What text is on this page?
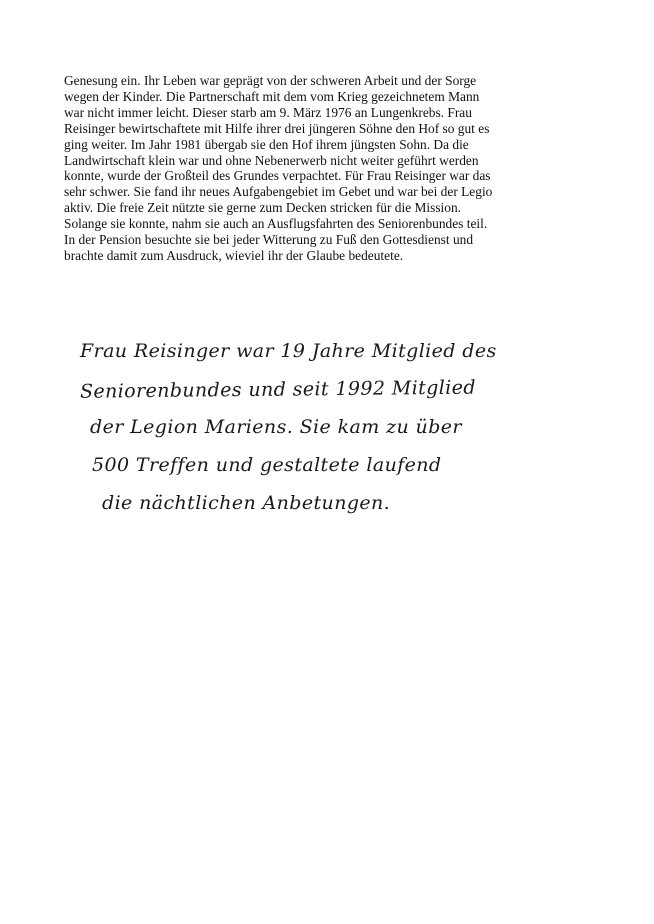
Genesung ein. Ihr Leben war geprägt von der schweren Arbeit und der Sorge
wegen der Kinder. Die Partnerschaft mit dem vom Krieg gezeichnetem Mann
war nicht immer leicht. Dieser starb am 9. März 1976 an Lungenkrebs. Frau
Reisinger bewirtschaftete mit Hilfe ihrer drei jüngeren Söhne den Hof so gut es
ging weiter. Im Jahr 1981 übergab sie den Hof ihrem jüngsten Sohn. Da die
Landwirtschaft klein war und ohne Nebenerwerb nicht weiter geführt werden
konnte, wurde der Großteil des Grundes verpachtet. Für Frau Reisinger war das
sehr schwer. Sie fand ihr neues Aufgabengebiet im Gebet und war bei der Legio
aktiv. Die freie Zeit nützte sie gerne zum Decken stricken für die Mission.
Solange sie konnte, nahm sie auch an Ausflugsfahrten des Seniorenbundes teil.
In der Pension besuchte sie bei jeder Witterung zu Fuß den Gottesdienst und
brachte damit zum Ausdruck, wieviel ihr der Glaube bedeutete.
Frau Reisinger war 19 Jahre Mitglied des
Seniorenbundes und seit 1992 Mitglied
der Legion Mariens. Sie kam zu über
500 Treffen und gestaltete laufend
die nächtlichen Anbetungen.
